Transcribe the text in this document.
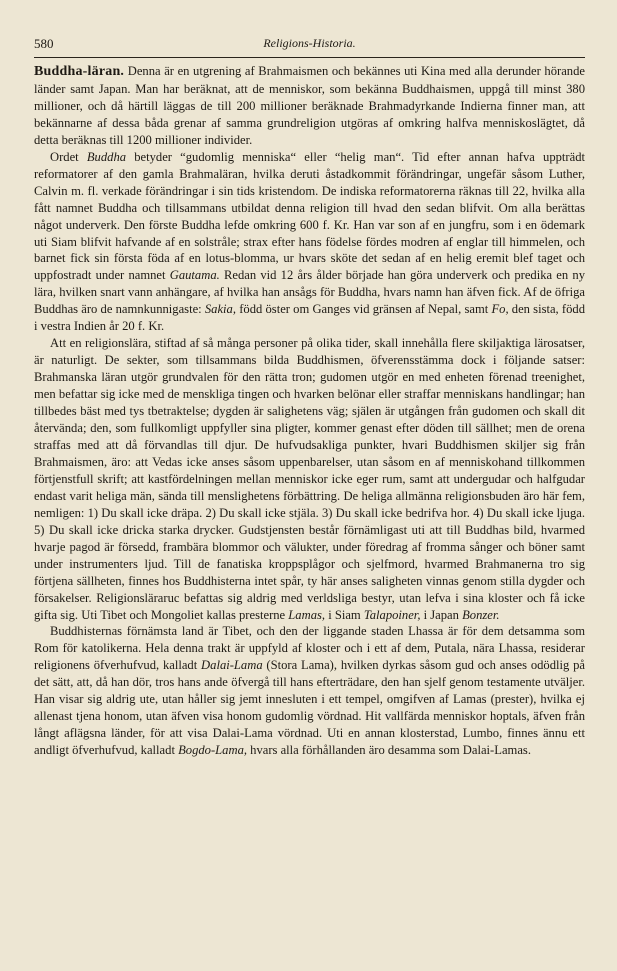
580	Religions-Historia.

Buddha-läran. Denna är en utgrening af Brahmaismen och bekännes uti Kina med alla derunder hörande länder samt Japan. Man har beräknat, att de menniskor, som bekänna Buddhaismen, uppgå till minst 380 millioner, och då härtill läggas de till 200 millioner beräknade Brahmadyrkande Indierna finner man, att bekännarne af dessa båda grenar af samma grundreligion utgöras af omkring halfva menniskoslägtet, då detta beräknas till 1200 millioner individer.

Ordet Buddha betyder “gudomlig menniska“ eller “helig man“. Tid efter annan hafva uppträdt reformatorer af den gamla Brahmaläran, hvilka deruti åstadkommit förändringar, ungefär såsom Luther, Calvin m. fl. verkade förändringar i sin tids kristendom. De indiska reformatorerna räknas till 22, hvilka alla fått namnet Buddha och tillsammans utbildat denna religion till hvad den sedan blifvit. Om alla berättas något underverk. Den förste Buddha lefde omkring 600 f. Kr. Han var son af en jungfru, som i en ödemark uti Siam blifvit hafvande af en solstråle; strax efter hans födelse fördes modren af englar till himmelen, och barnet fick sin första föda af en lotus-blomma, ur hvars sköte det sedan af en helig eremit blef taget och uppfostradt under namnet Gautama. Redan vid 12 års ålder började han göra underverk och predika en ny lära, hvilken snart vann anhängare, af hvilka han ansågs för Buddha, hvars namn han äfven fick. Af de öfriga Buddhas äro de namnkunnigaste: Sakia, född öster om Ganges vid gränsen af Nepal, samt Fo, den sista, född i vestra Indien år 20 f. Kr.

Att en religionslära, stiftad af så många personer på olika tider, skall innehålla flere skiljaktiga lärosatser, är naturligt. De sekter, som tillsammans bilda Buddhismen, öfverensstämma dock i följande satser: Brahmanska läran utgör grundvalen för den rätta tron; gudomen utgör en med enheten förenad treenighet, men befattar sig icke med de menskliga tingen och hvarken belönar eller straffar menniskans handlingar; han tillbedes bäst med tys tbetraktelse; dygden är salighetens väg; själen är utgången från gudomen och skall dit återvända; den, som fullkomligt uppfyller sina pligter, kommer genast efter döden till sällhet; men de orena straffas med att då förvandlas till djur. De hufvudsakliga punkter, hvari Buddhismen skiljer sig från Brahmaismen, äro: att Vedas icke anses såsom uppenbarelser, utan såsom en af menniskohand tillkommen förtjenstfull skrift; att kastfördelningen mellan menniskor icke eger rum, samt att undergudar och halfgudar endast varit heliga män, sända till menslighetens förbättring. De heliga allmänna religionsbuden äro här fem, nemligen: 1) Du skall icke dräpa. 2) Du skall icke stjäla. 3) Du skall icke bedrifva hor. 4) Du skall icke ljuga. 5) Du skall icke dricka starka drycker. Gudstjensten består förnämligast uti att till Buddhas bild, hvarmed hvarje pagod är försedd, frambära blommor och välukter, under föredrag af fromma sånger och böner samt under instrumenters ljud. Till de fanatiska kroppsplågor och sjelfmord, hvarmed Brahmanerna tro sig förtjena sällheten, finnes hos Buddhisterna intet spår, ty här anses saligheten vinnas genom stilla dygder och försakelser. Religionsläraruc befattas sig aldrig med verldsliga bestyr, utan lefva i sina kloster och få icke gifta sig. Uti Tibet och Mongoliet kallas presterne Lamas, i Siam Talapoiner, i Japan Bonzer.

Buddhisternas förnämsta land är Tibet, och den der liggande staden Lhassa är för dem detsamma som Rom för katolikerna. Hela denna trakt är uppfyld af kloster och i ett af dem, Putala, nära Lhassa, residerar religionens öfverhufvud, kalladt Dalai-Lama (Stora Lama), hvilken dyrkas såsom gud och anses odödlig på det sätt, att, då han dör, tros hans ande öfvergå till hans efterträdare, den han sjelf genom testamente utväljer. Han visar sig aldrig ute, utan håller sig jemt innesluten i ett tempel, omgifven af Lamas (prester), hvilka ej allenast tjena honom, utan äfven visa honom gudomlig vördnad. Hit vallfärda menniskor hoptals, äfven från långt aflägsna länder, för att visa Dalai-Lama vördnad. Uti en annan klosterstad, Lumbo, finnes ännu ett andligt öfverhufvud, kalladt Bogdo-Lama, hvars alla förhållanden äro desamma som Dalai-Lamas.
